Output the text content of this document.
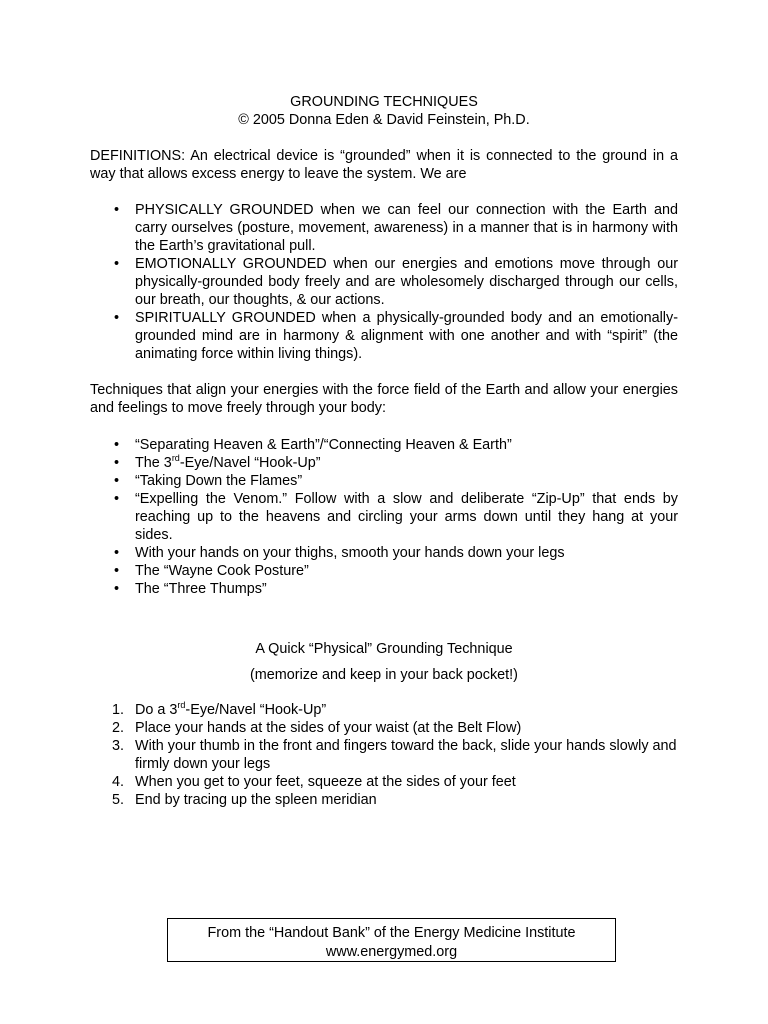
GROUNDING TECHNIQUES
© 2005 Donna Eden & David Feinstein, Ph.D.

DEFINITIONS: An electrical device is “grounded” when it is connected to the ground in a way that allows excess energy to leave the system. We are

• PHYSICALLY GROUNDED when we can feel our connection with the Earth and carry ourselves (posture, movement, awareness) in a manner that is in harmony with the Earth’s gravitational pull.
• EMOTIONALLY GROUNDED when our energies and emotions move through our physically-grounded body freely and are wholesomely discharged through our cells, our breath, our thoughts, & our actions.
• SPIRITUALLY GROUNDED when a physically-grounded body and an emotionally-grounded mind are in harmony & alignment with one another and with “spirit” (the animating force within living things).

Techniques that align your energies with the force field of the Earth and allow your energies and feelings to move freely through your body:

• “Separating Heaven & Earth”/“Connecting Heaven & Earth”
• The 3rd-Eye/Navel “Hook-Up”
• “Taking Down the Flames”
• “Expelling the Venom.” Follow with a slow and deliberate “Zip-Up” that ends by reaching up to the heavens and circling your arms down until they hang at your sides.
• With your hands on your thighs, smooth your hands down your legs
• The “Wayne Cook Posture”
• The “Three Thumps”
A Quick “Physical” Grounding Technique
(memorize and keep in your back pocket!)
1. Do a 3rd-Eye/Navel “Hook-Up”
2. Place your hands at the sides of your waist (at the Belt Flow)
3. With your thumb in the front and fingers toward the back, slide your hands slowly and firmly down your legs
4. When you get to your feet, squeeze at the sides of your feet
5. End by tracing up the spleen meridian
From the “Handout Bank” of the Energy Medicine Institute
www.energymed.org
